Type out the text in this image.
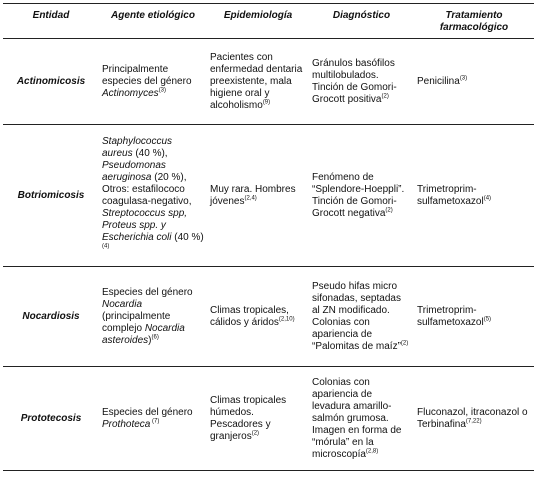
Entidad	Agente etiológico	Epidemiología	Diagnóstico	Tratamiento farmacológico
Actinomicosis	Principalmente especies del género Actinomyces$^{(3)}$	Pacientes con enfermedad dentaria preexistente, mala higiene oral y alcoholismo$^{(9)}$	Gránulos basófilos multilobulados. Tinción de Gomori-Grocott positiva$^{(2)}$	Penicilina$^{(3)}$
Botriomicosis	Staphylococcus aureus (40 %), Pseudomonas aeruginosa (20 %), Otros: estafilococo coagulasa-negativo, Streptococcus spp, Proteus spp. y Escherichia coli (40 %)$^{(4)}$	Muy rara. Hombres jóvenes$^{(2,4)}$	Fenómeno de “Splendore-Hoeppli”. Tinción de Gomori-Grocott negativa$^{(2)}$	Trimetroprim-sulfametoxazol$^{(4)}$
Nocardiosis	Especies del género Nocardia (principalmente complejo Nocardia asteroides)$^{(6)}$	Climas tropicales, cálidos y áridos$^{(2,10)}$	Pseudo hifas micro sifonadas, septadas al ZN modificado. Colonias con apariencia de “Palomitas de maíz”$^{(2)}$	Trimetroprim-sulfametoxazol$^{(5)}$
Prototecosis	Especies del género Prothoteca $^{(7)}$	Climas tropicales húmedos. Pescadores y granjeros$^{(2)}$	Colonias con apariencia de levadura amarillo-salmón grumosa. Imagen en forma de “mórula” en la microscopía$^{(2,8)}$	Fluconazol, itraconazol o Terbinafina$^{(7,22)}$
